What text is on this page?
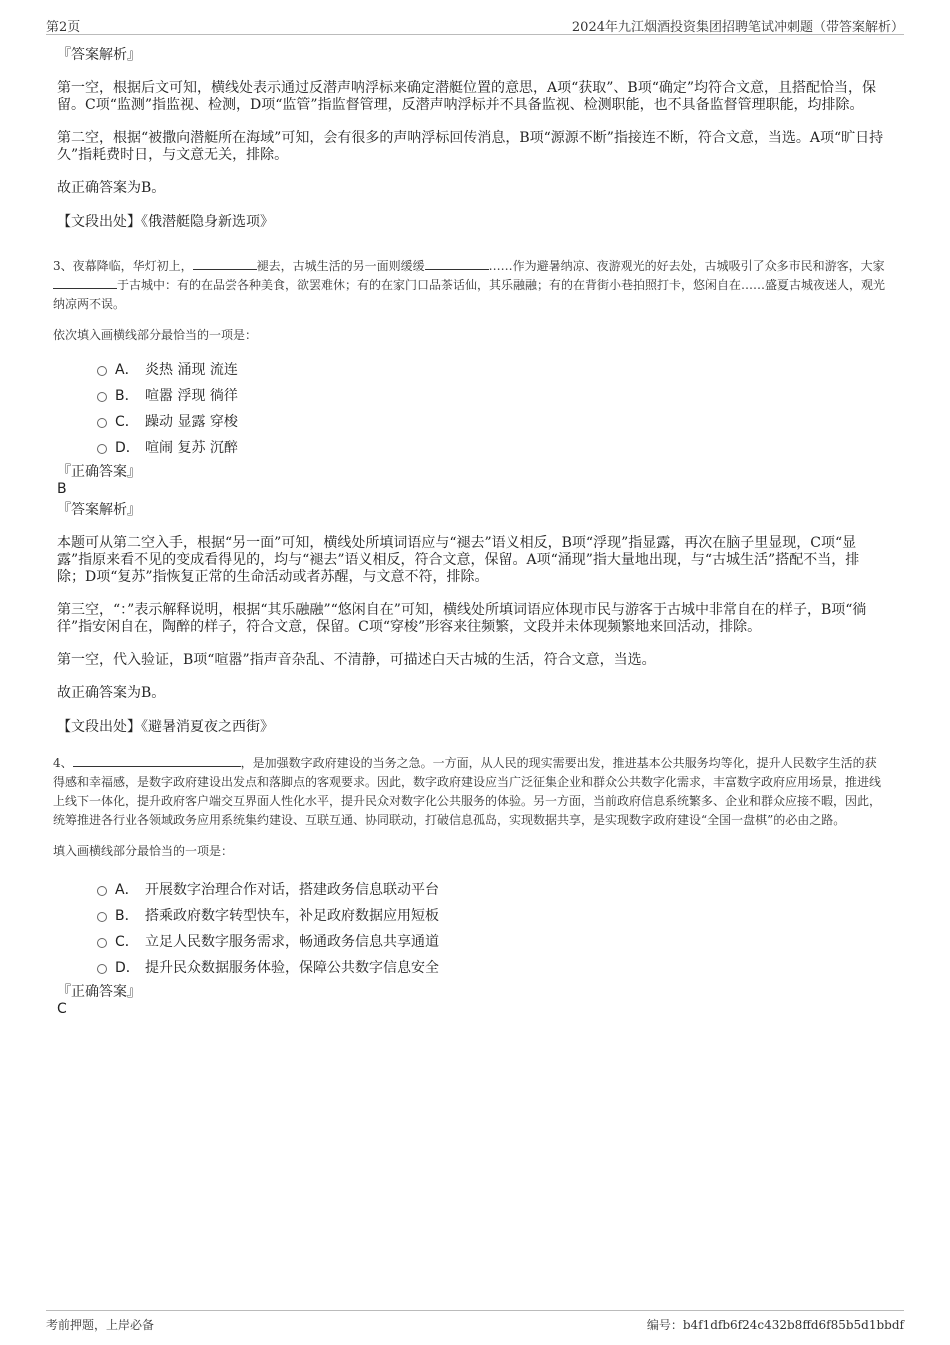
第2页	2024年九江烟酒投资集团招聘笔试冲刺题（带答案解析）

『答案解析』

第一空，根据后文可知，横线处表示通过反潜声呐浮标来确定潜艇位置的意思，A项“获取”、B项“确定”均符合文意，且搭配恰当，保留。C项“监测”指监视、检测，D项“监管”指监督管理，反潜声呐浮标并不具备监视、检测职能，也不具备监督管理职能，均排除。

第二空，根据“被撒向潜艇所在海域”可知，会有很多的声呐浮标回传消息，B项“源源不断”指接连不断，符合文意，当选。A项“旷日持久”指耗费时日，与文意无关，排除。

故正确答案为B。

【文段出处】《俄潜艇隐身新选项》

3、夜幕降临，华灯初上，	褪去，古城生活的另一面则缓缓	……作为避暑纳凉、夜游观光的好去处，古城吸引了众多市民和游客，大家于古城中：有的在品尝各种美食，欲罢难休；有的在家门口品茶话仙，其乐融融；有的在背街小巷拍照打卡，悠闲自在……盛夏古城夜迷人，观光纳凉两不误。

依次填入画横线部分最恰当的一项是：

A． 炎热 涌现 流连
B． 喧嚣 浮现 徜徉
C． 躁动 显露 穿梭
D． 喧闹 复苏 沉醉

『正确答案』

B

『答案解析』

本题可从第二空入手，根据“另一面”可知，横线处所填词语应与“褪去”语义相反，B项“浮现”指显露，再次在脑子里显现，C项“显露”指原来看不见的变成看得见的，均与“褪去”语义相反，符合文意，保留。A项“涌现”指大量地出现，与“古城生活”搭配不当，排除；D项“复苏”指恢复正常的生命活动或者苏醒，与文意不符，排除。

第三空，“：”表示解释说明，根据“其乐融融”“悠闲自在”可知，横线处所填词语应体现市民与游客于古城中非常自在的样子，B项“徜徉”指安闲自在，陶醉的样子，符合文意，保留。C项“穿梭”形容来往频繁，文段并未体现频繁地来回活动，排除。

第一空，代入验证，B项“喧嚣”指声音杂乱、不清静，可描述白天古城的生活，符合文意，当选。

故正确答案为B。

【文段出处】《避暑消夏夜之西街》

4、	，是加强数字政府建设的当务之急。一方面，从人民的现实需要出发，推进基本公共服务均等化，提升人民数字生活的获得感和幸福感，是数字政府建设出发点和落脚点的客观要求。因此，数字政府建设应当广泛征集企业和群众公共数字化需求，丰富数字政府应用场景，推进线上线下一体化，提升政府客户端交互界面人性化水平，提升民众对数字化公共服务的体验。另一方面，当前政府信息系统繁多、企业和群众应接不暇，因此，统筹推进各行业各领域政务应用系统集约建设、互联互通、协同联动，打破信息孤岛，实现数据共享，是实现数字政府建设“全国一盘棋”的必由之路。

填入画横线部分最恰当的一项是：

A． 开展数字治理合作对话，搭建政务信息联动平台
B． 搭乘政府数字转型快车，补足政府数据应用短板
C． 立足人民数字服务需求，畅通政务信息共享通道
D． 提升民众数据服务体验，保障公共数字信息安全

『正确答案』

C

考前押题，上岸必备	编号：b4f1dfb6f24c432b8ffd6f85b5d1bbdf
